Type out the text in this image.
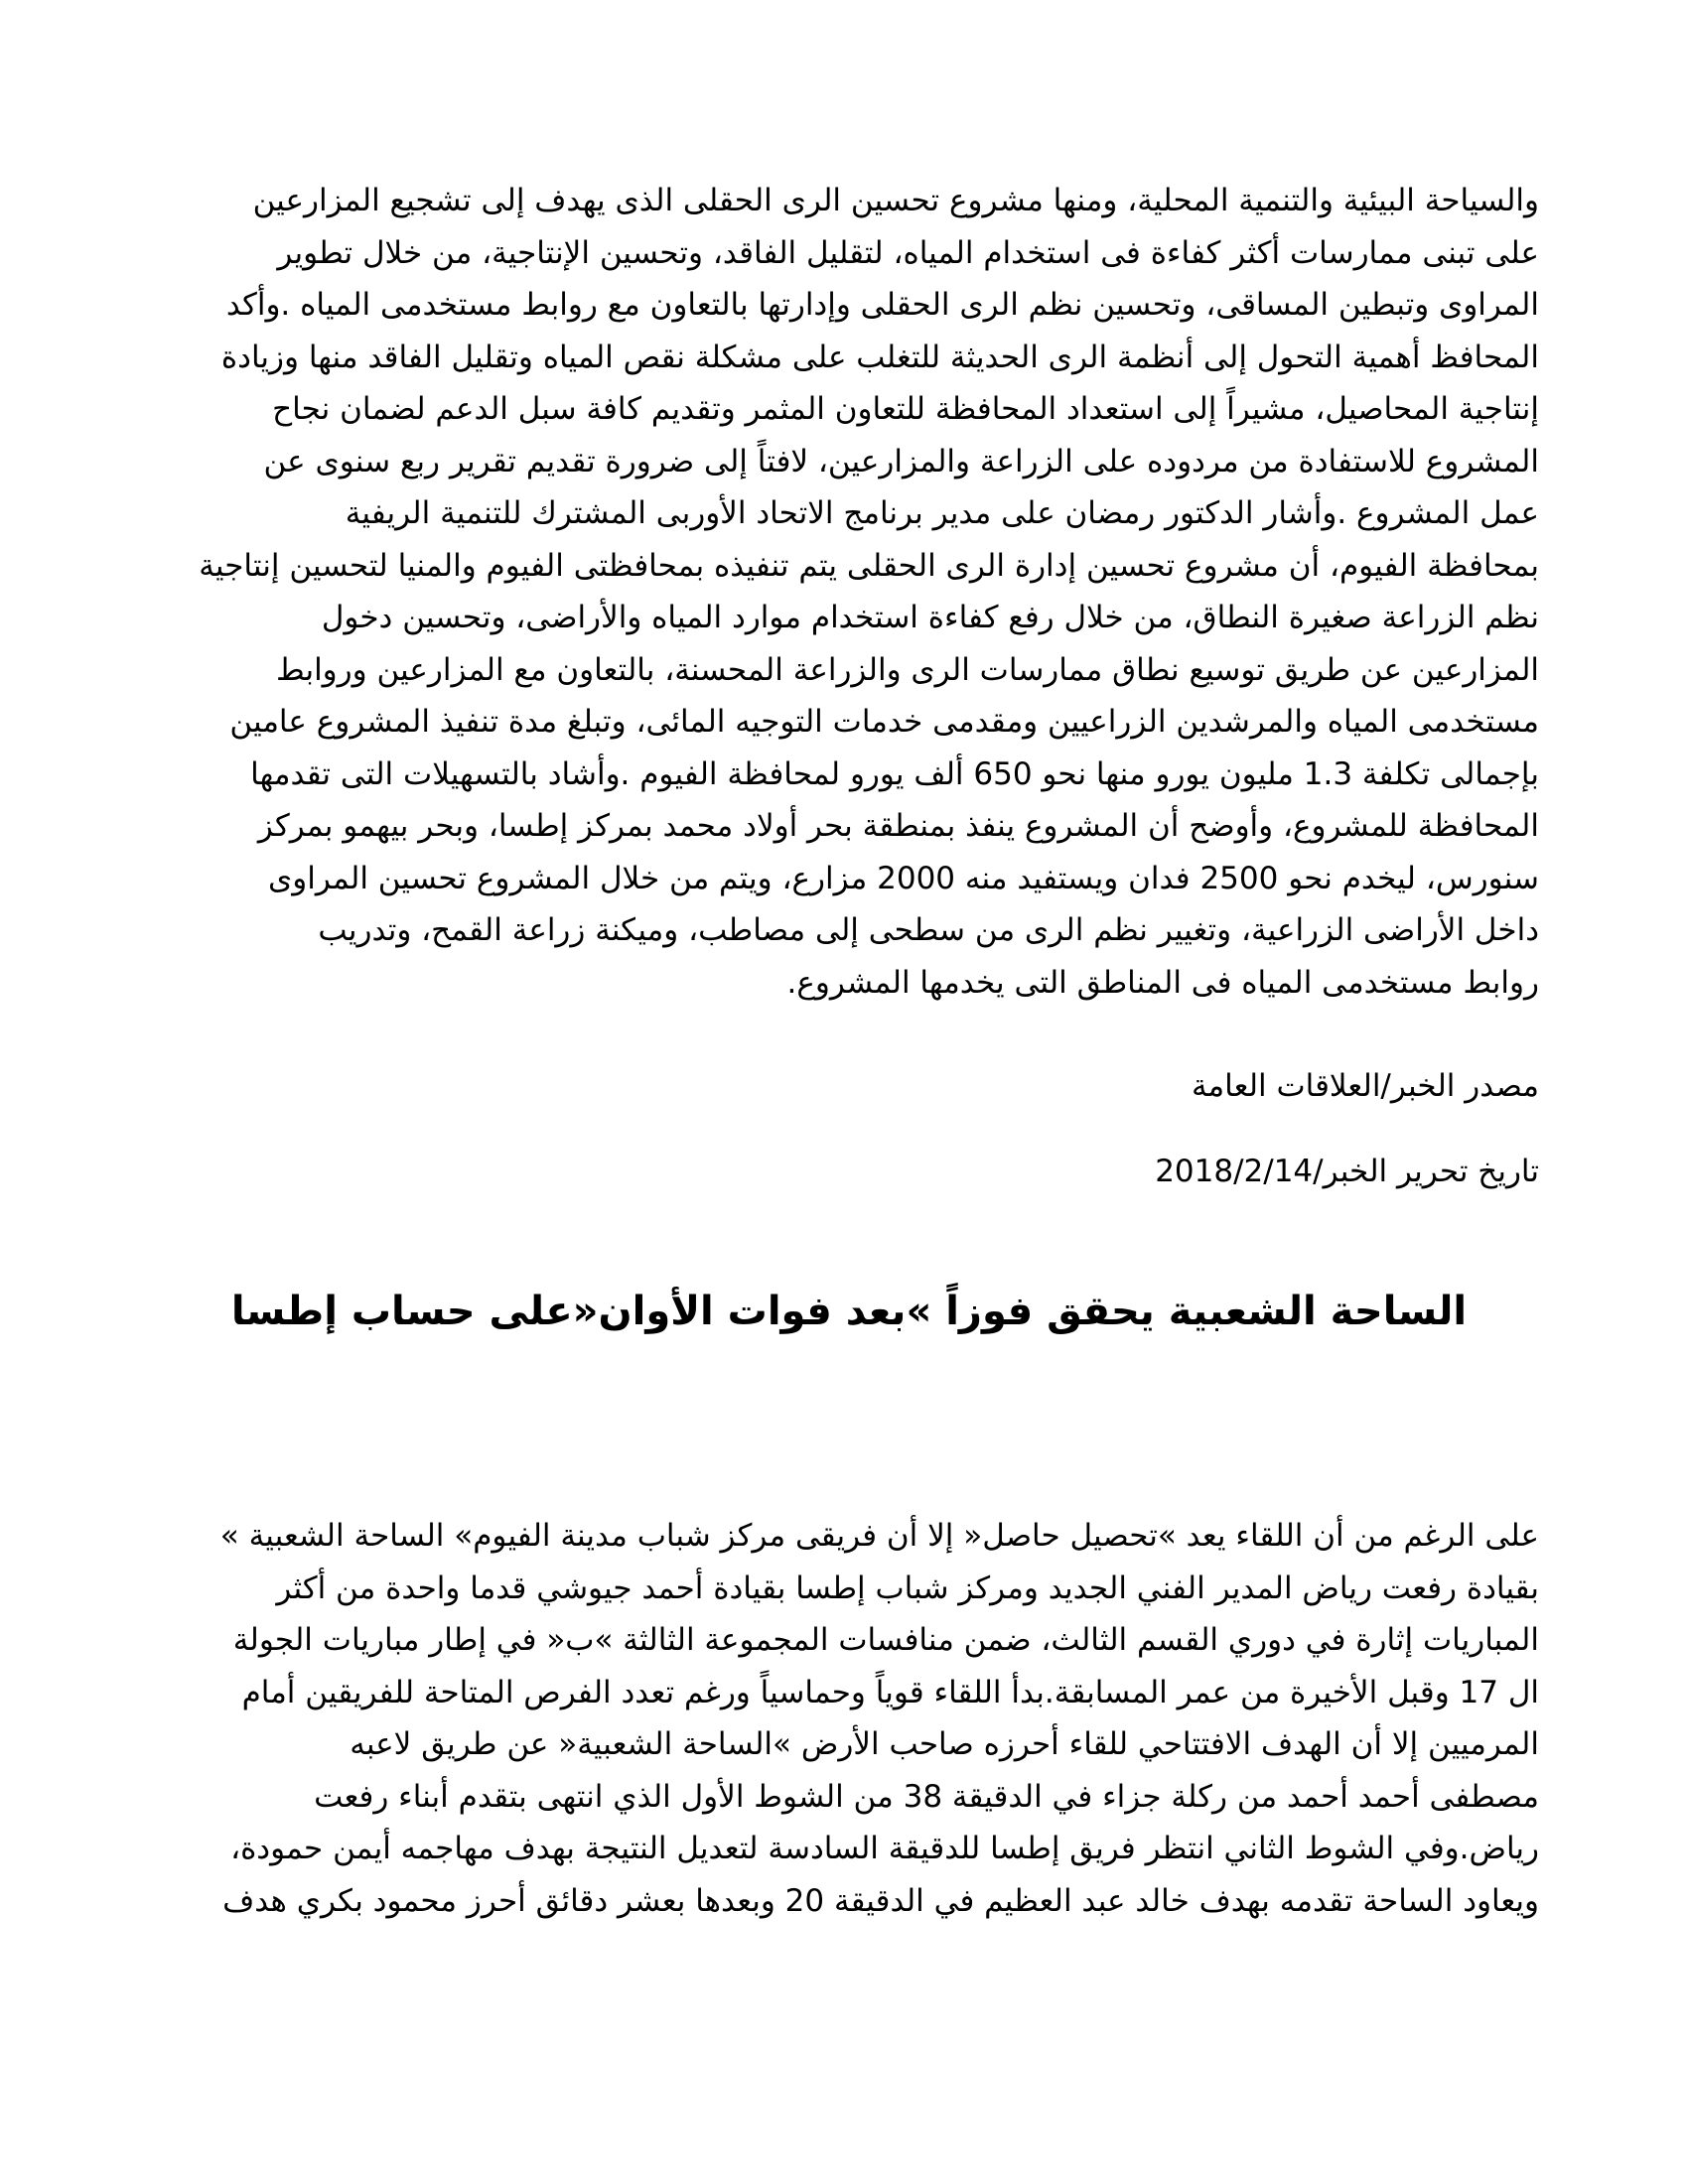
والسياحة البيئية والتنمية المحلية، ومنها مشروع تحسين الرى الحقلى الذى يهدف إلى تشجيع المزارعين
على تبنى ممارسات أكثر كفاءة فى استخدام المياه، لتقليل الفاقد، وتحسين الإنتاجية، من خلال تطوير
المراوى وتبطين المساقى، وتحسين نظم الرى الحقلى وإدارتها بالتعاون مع روابط مستخدمى المياه .وأكد
المحافظ أهمية التحول إلى أنظمة الرى الحديثة للتغلب على مشكلة نقص المياه وتقليل الفاقد منها وزيادة
إنتاجية المحاصيل، مشيراً إلى استعداد المحافظة للتعاون المثمر وتقديم كافة سبل الدعم لضمان نجاح
المشروع للاستفادة من مردوده على الزراعة والمزارعين، لافتاً إلى ضرورة تقديم تقرير ربع سنوى عن
عمل المشروع .وأشار الدكتور رمضان على مدير برنامج الاتحاد الأوربى المشترك للتنمية الريفية
بمحافظة الفيوم، أن مشروع تحسين إدارة الرى الحقلى يتم تنفيذه بمحافظتى الفيوم والمنيا لتحسين إنتاجية
نظم الزراعة صغيرة النطاق، من خلال رفع كفاءة استخدام موارد المياه والأراضى، وتحسين دخول
المزارعين عن طريق توسيع نطاق ممارسات الرى والزراعة المحسنة، بالتعاون مع المزارعين وروابط
مستخدمى المياه والمرشدين الزراعيين ومقدمى خدمات التوجيه المائى، وتبلغ مدة تنفيذ المشروع عامين
بإجمالى تكلفة 1.3 مليون يورو منها نحو 650 ألف يورو لمحافظة الفيوم .وأشاد بالتسهيلات التى تقدمها
المحافظة للمشروع، وأوضح أن المشروع ينفذ بمنطقة بحر أولاد محمد بمركز إطسا، وبحر بيهمو بمركز
سنورس، ليخدم نحو 2500 فدان ويستفيد منه 2000 مزارع، ويتم من خلال المشروع تحسين المراوى
داخل الأراضى الزراعية، وتغيير نظم الرى من سطحى إلى مصاطب، وميكنة زراعة القمح، وتدريب
روابط مستخدمى المياه فى المناطق التى يخدمها المشروع.
مصدر الخبر/العلاقات العامة
تاريخ تحرير الخبر/2018/2/14
الساحة الشعبية يحقق فوزاً »بعد فوات الأوان«على حساب إطسا
على الرغم من أن اللقاء يعد »تحصيل حاصل« إلا أن فريقى مركز شباب مدينة الفيوم» الساحة الشعبية »
بقيادة رفعت رياض المدير الفني الجديد ومركز شباب إطسا بقيادة أحمد جيوشي قدما واحدة من أكثر
المباريات إثارة في دوري القسم الثالث، ضمن منافسات المجموعة الثالثة »ب« في إطار مباريات الجولة
ال 17 وقبل الأخيرة من عمر المسابقة.بدأ اللقاء قوياً وحماسياً ورغم تعدد الفرص المتاحة للفريقين أمام
المرميين إلا أن الهدف الافتتاحي للقاء أحرزه صاحب الأرض »الساحة الشعبية« عن طريق لاعبه
مصطفى أحمد أحمد من ركلة جزاء في الدقيقة 38 من الشوط الأول الذي انتهى بتقدم أبناء رفعت
رياض.وفي الشوط الثاني انتظر فريق إطسا للدقيقة السادسة لتعديل النتيجة بهدف مهاجمه أيمن حمودة،
ويعاود الساحة تقدمه بهدف خالد عبد العظيم في الدقيقة 20 وبعدها بعشر دقائق أحرز محمود بكري هدف
